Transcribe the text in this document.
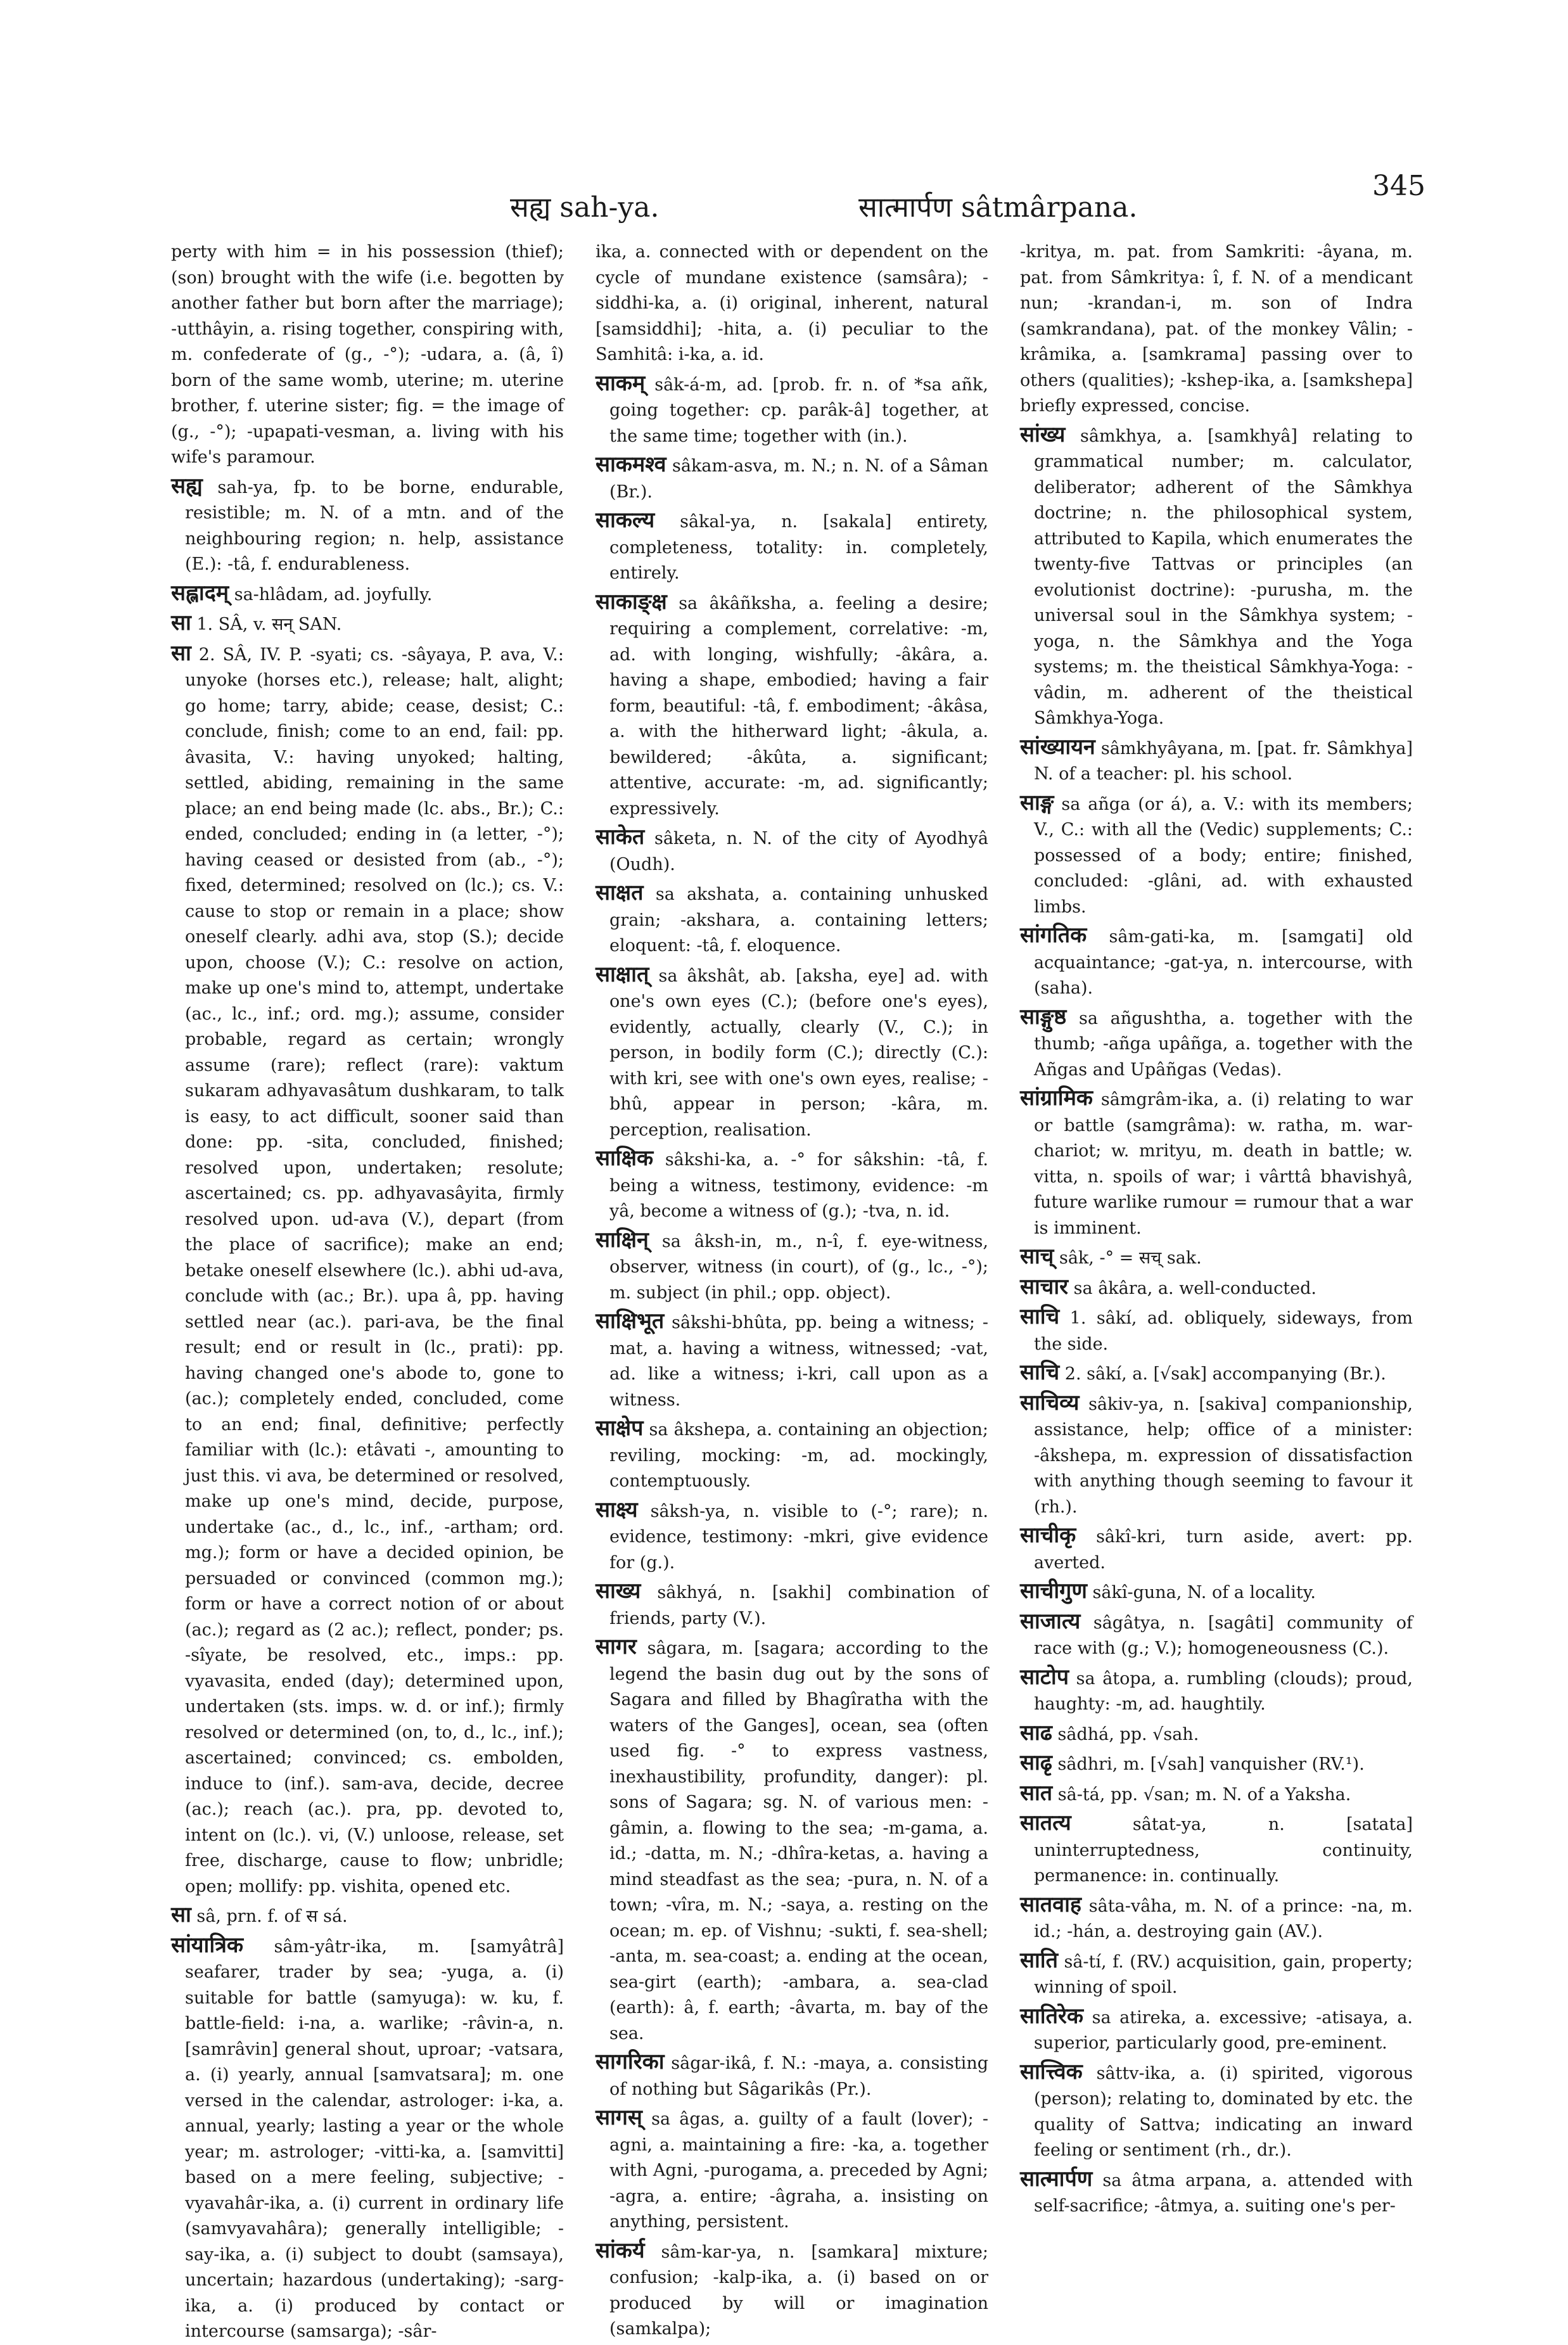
सह्य sah-ya.	सात्मार्पण sâtmârpana.
345

perty with him = in his possession (thief); (son) brought with the wife (i.e. begotten by another father but born after the marriage); -utthâyin, a. rising together, conspiring with, m. confederate of (g., -°); -udara, a. (â, î) born of the same womb, uterine; m. uterine brother, f. uterine sister; fig. = the image of (g., -°); -upapati-vesman, a. living with his wife's paramour.

सह्य sah-ya, fp. to be borne, endurable, resistible; m. N. of a mtn. and of the neighbouring region; n. help, assistance (E.): -tâ, f. endurableness.

सह्लादम् sa-hlâdam, ad. joyfully.

सा 1. SÂ, v. सन् SAN.

सा 2. SÂ, IV. P. -syati; cs. -sâyaya, P. ava, V.: unyoke (horses etc.), release; halt, alight; go home; tarry, abide; cease, desist; C.: conclude, finish; come to an end, fail: pp. âvasita, V.: having unyoked; halting, settled, abiding, remaining in the same place; an end being made (lc. abs., Br.); C.: ended, concluded; ending in (a letter, -°); having ceased or desisted from (ab., -°); fixed, determined; resolved on (lc.); cs. V.: cause to stop or remain in a place; show oneself clearly. adhi ava, stop (S.); decide upon, choose (V.); C.: resolve on action, make up one's mind to, attempt, undertake (ac., lc., inf.; ord. mg.); assume, consider probable, regard as certain; wrongly assume (rare); reflect (rare): vaktum sukaram adhyavasâtum dushkaram, to talk is easy, to act difficult, sooner said than done: pp. -sita, concluded, finished; resolved upon, undertaken; resolute; ascertained; cs. pp. adhyavasâyita, firmly resolved upon. ud-ava (V.), depart (from the place of sacrifice); make an end; betake oneself elsewhere (lc.). abhi ud-ava, conclude with (ac.; Br.). upa â, pp. having settled near (ac.). pari-ava, be the final result; end or result in (lc., prati): pp. having changed one's abode to, gone to (ac.); completely ended, concluded, come to an end; final, definitive; perfectly familiar with (lc.): etâvati -, amounting to just this. vi ava, be determined or resolved, make up one's mind, decide, purpose, undertake (ac., d., lc., inf., -artham; ord. mg.); form or have a decided opinion, be persuaded or convinced (common mg.); form or have a correct notion of or about (ac.); regard as (2 ac.); reflect, ponder; ps. -sîyate, be resolved, etc., imps.: pp. vyavasita, ended (day); determined upon, undertaken (sts. imps. w. d. or inf.); firmly resolved or determined (on, to, d., lc., inf.); ascertained; convinced; cs. embolden, induce to (inf.). sam-ava, decide, decree (ac.); reach (ac.). pra, pp. devoted to, intent on (lc.). vi, (V.) unloose, release, set free, discharge, cause to flow; unbridle; open; mollify: pp. vishita, opened etc.

सा sâ, prn. f. of स sá.

सांयात्रिक sâm-yâtr-ika, m. [samyâtrâ] seafarer, trader by sea; -yuga, a. (i) suitable for battle (samyuga): w. ku, f. battle-field: i-na, a. warlike; -râvin-a, n. [samrâvin] general shout, uproar; -vatsara, a. (i) yearly, annual [samvatsara]; m. one versed in the calendar, astrologer: i-ka, a. annual, yearly; lasting a year or the whole year; m. astrologer; -vitti-ka, a. [samvitti] based on a mere feeling, subjective; -vyavahâr-ika, a. (i) current in ordinary life (samvyavahâra); generally intelligible; -say-ika, a. (i) subject to doubt (samsaya), uncertain; hazardous (undertaking); -sarg-ika, a. (i) produced by contact or intercourse (samsarga); -sâr-

ika, a. connected with or dependent on the cycle of mundane existence (samsâra); -siddhi-ka, a. (i) original, inherent, natural [samsiddhi]; -hita, a. (i) peculiar to the Samhitâ: i-ka, a. id.

साकम् sâk-á-m, ad. [prob. fr. n. of *sa añk, going together: cp. parâk-â] together, at the same time; together with (in.).

साकमश्व sâkam-asva, m. N.; n. N. of a Sâman (Br.).

साकल्य sâkal-ya, n. [sakala] entirety, completeness, totality: in. completely, entirely.

साकाङ्क्ष sa âkâñksha, a. feeling a desire; requiring a complement, correlative: -m, ad. with longing, wishfully; -âkâra, a. having a shape, embodied; having a fair form, beautiful: -tâ, f. embodiment; -âkâsa, a. with the hitherward light; -âkula, a. bewildered; -âkûta, a. significant; attentive, accurate: -m, ad. significantly; expressively.

साकेत sâketa, n. N. of the city of Ayodhyâ (Oudh).

साक्षत sa akshata, a. containing unhusked grain; -akshara, a. containing letters; eloquent: -tâ, f. eloquence.

साक्षात् sa âkshât, ab. [aksha, eye] ad. with one's own eyes (C.); (before one's eyes), evidently, actually, clearly (V., C.); in person, in bodily form (C.); directly (C.): with kri, see with one's own eyes, realise; -bhû, appear in person; -kâra, m. perception, realisation.

साक्षिक sâkshi-ka, a. -° for sâkshin: -tâ, f. being a witness, testimony, evidence: -m yâ, become a witness of (g.); -tva, n. id.

साक्षिन् sa âksh-in, m., n-î, f. eye-witness, observer, witness (in court), of (g., lc., -°); m. subject (in phil.; opp. object).

साक्षिभूत sâkshi-bhûta, pp. being a witness; -mat, a. having a witness, witnessed; -vat, ad. like a witness; i-kri, call upon as a witness.

साक्षेप sa âkshepa, a. containing an objection; reviling, mocking: -m, ad. mockingly, contemptuously.

साक्ष्य sâksh-ya, n. visible to (-°; rare); n. evidence, testimony: -mkri, give evidence for (g.).

साख्य sâkhyá, n. [sakhi] combination of friends, party (V.).

सागर sâgara, m. [sagara; according to the legend the basin dug out by the sons of Sagara and filled by Bhagîratha with the waters of the Ganges], ocean, sea (often used fig. -° to express vastness, inexhaustibility, profundity, danger): pl. sons of Sagara; sg. N. of various men: -gâmin, a. flowing to the sea; -m-gama, a. id.; -datta, m. N.; -dhîra-ketas, a. having a mind steadfast as the sea; -pura, n. N. of a town; -vîra, m. N.; -saya, a. resting on the ocean; m. ep. of Vishnu; -sukti, f. sea-shell; -anta, m. sea-coast; a. ending at the ocean, sea-girt (earth); -ambara, a. sea-clad (earth): â, f. earth; -âvarta, m. bay of the sea.

सागरिका sâgar-ikâ, f. N.: -maya, a. consisting of nothing but Sâgarikâs (Pr.).

सागस् sa âgas, a. guilty of a fault (lover); -agni, a. maintaining a fire: -ka, a. together with Agni, -purogama, a. preceded by Agni; -agra, a. entire; -âgraha, a. insisting on anything, persistent.

सांकर्य sâm-kar-ya, n. [samkara] mixture; confusion; -kalp-ika, a. (i) based on or produced by will or imagination (samkalpa);

-kritya, m. pat. from Samkriti: -âyana, m. pat. from Sâmkritya: î, f. N. of a mendicant nun; -krandan-i, m. son of Indra (samkrandana), pat. of the monkey Vâlin; -krâmika, a. [samkrama] passing over to others (qualities); -kshep-ika, a. [samkshepa] briefly expressed, concise.

सांख्य sâmkhya, a. [samkhyâ] relating to grammatical number; m. calculator, deliberator; adherent of the Sâmkhya doctrine; n. the philosophical system, attributed to Kapila, which enumerates the twenty-five Tattvas or principles (an evolutionist doctrine): -purusha, m. the universal soul in the Sâmkhya system; -yoga, n. the Sâmkhya and the Yoga systems; m. the theistical Sâmkhya-Yoga: -vâdin, m. adherent of the theistical Sâmkhya-Yoga.

सांख्यायन sâmkhyâyana, m. [pat. fr. Sâmkhya] N. of a teacher: pl. his school.

साङ्ग sa añga (or á), a. V.: with its members; V., C.: with all the (Vedic) supplements; C.: possessed of a body; entire; finished, concluded: -glâni, ad. with exhausted limbs.

सांगतिक sâm-gati-ka, m. [samgati] old acquaintance; -gat-ya, n. intercourse, with (saha).

साङ्गुष्ठ sa añgushtha, a. together with the thumb; -añga upâñga, a. together with the Añgas and Upâñgas (Vedas).

सांग्रामिक sâmgrâm-ika, a. (i) relating to war or battle (samgrâma): w. ratha, m. war-chariot; w. mrityu, m. death in battle; w. vitta, n. spoils of war; i vârttâ bhavishyâ, future warlike rumour = rumour that a war is imminent.

साच् sâk, -° = सच् sak.

साचार sa âkâra, a. well-conducted.

साचि 1. sâkí, ad. obliquely, sideways, from the side.

साचि 2. sâkí, a. [√sak] accompanying (Br.).

साचिव्य sâkiv-ya, n. [sakiva] companionship, assistance, help; office of a minister: -âkshepa, m. expression of dissatisfaction with anything though seeming to favour it (rh.).

साचीकृ sâkî-kri, turn aside, avert: pp. averted.

साचीगुण sâkî-guna, N. of a locality.

साजात्य sâgâtya, n. [sagâti] community of race with (g.; V.); homogeneousness (C.).

साटोप sa âtopa, a. rumbling (clouds); proud, haughty: -m, ad. haughtily.

साढ sâdhá, pp. √sah.

साढृ sâdhri, m. [√sah] vanquisher (RV.¹).

सात sâ-tá, pp. √san; m. N. of a Yaksha.

सातत्य sâtat-ya, n. [satata] uninterruptedness, continuity, permanence: in. continually.

सातवाह sâta-vâha, m. N. of a prince: -na, m. id.; -hán, a. destroying gain (AV.).

साति sâ-tí, f. (RV.) acquisition, gain, property; winning of spoil.

सातिरेक sa atireka, a. excessive; -atisaya, a. superior, particularly good, pre-eminent.

सात्त्विक sâttv-ika, a. (i) spirited, vigorous (person); relating to, dominated by etc. the quality of Sattva; indicating an inward feeling or sentiment (rh., dr.).

सात्मार्पण sa âtma arpana, a. attended with self-sacrifice; -âtmya, a. suiting one's per-
